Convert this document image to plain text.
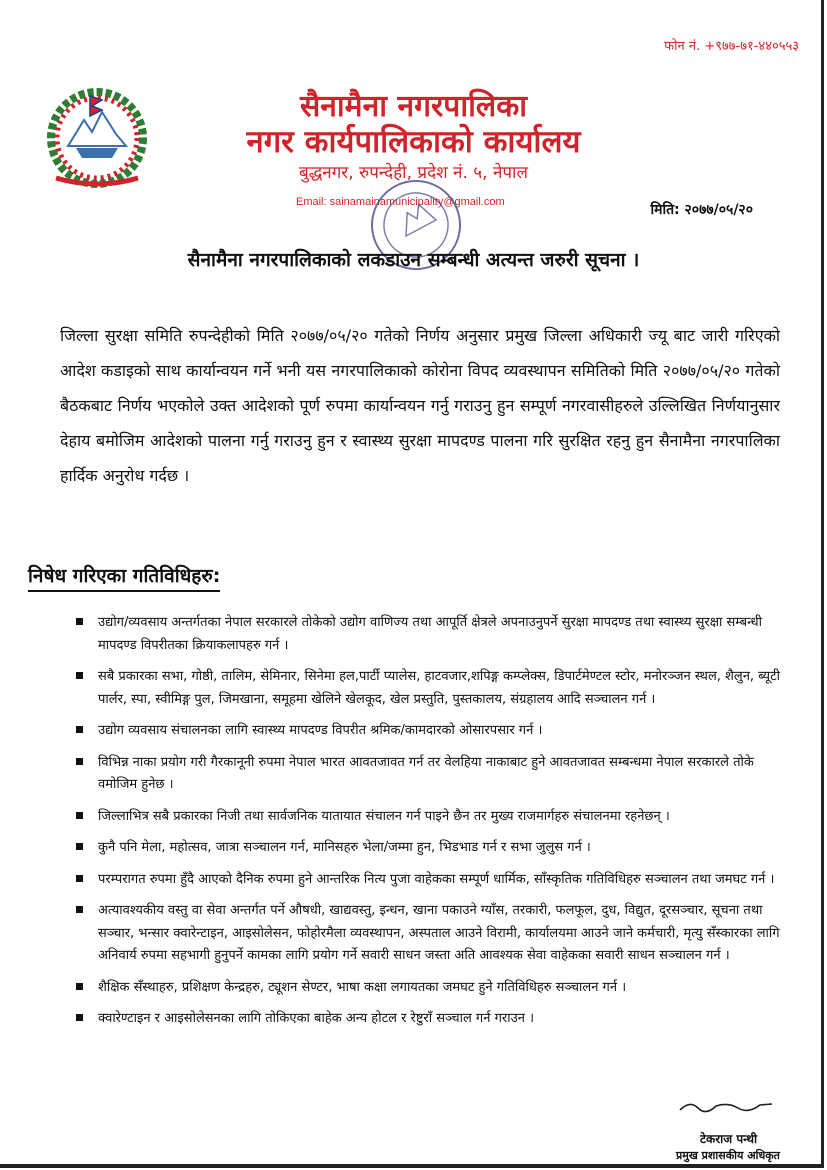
फोन नं. +९७७-७१-४४०५५३
सैनामैना नगरपालिका
नगर कार्यपालिकाको कार्यालय
बुद्धनगर, रुपन्देही, प्रदेश नं. ५, नेपाल
Email: sainamainamunicipality@gmail.com	मिति: २०७७/०५/२०
सैनामैना नगरपालिकाको लकडाउन सम्बन्धी अत्यन्त जरुरी सूचना ।
जिल्ला सुरक्षा समिति रुपन्देहीको मिति २०७७/०५/२० गतेको निर्णय अनुसार प्रमुख जिल्ला अधिकारी ज्यू बाट जारी गरिएको आदेश कडाइको साथ कार्यान्वयन गर्ने भनी यस नगरपालिकाको कोरोना विपद व्यवस्थापन समितिको मिति २०७७/०५/२० गतेको बैठकबाट निर्णय भएकोले उक्त आदेशको पूर्ण रुपमा कार्यान्वयन गर्नु गराउनु हुन सम्पूर्ण नगरवासीहरुले उल्लिखित निर्णयानुसार देहाय बमोजिम आदेशको पालना गर्नु गराउनु हुन र स्वास्थ्य सुरक्षा मापदण्ड पालना गरि सुरक्षित रहनु हुन सैनामैना नगरपालिका हार्दिक अनुरोध गर्दछ ।
निषेध गरिएका गतिविधिहरु:
उद्योग/व्यवसाय अन्तर्गतका नेपाल सरकारले तोकेको उद्योग वाणिज्य तथा आपूर्ति क्षेत्रले अपनाउनुपर्ने सुरक्षा मापदण्ड तथा स्वास्थ्य सुरक्षा सम्बन्धी मापदण्ड विपरीतका क्रियाकलापहरु गर्न ।
सबै प्रकारका सभा, गोष्ठी, तालिम, सेमिनार, सिनेमा हल,पार्टी प्यालेस, हाटवजार,शपिङ्ग कम्प्लेक्स, डिपार्टमेण्टल स्टोर, मनोरञ्जन स्थल, शैलुन, ब्यूटी पार्लर, स्पा, स्वीमिङ्ग पुल, जिमखाना, समूहमा खेलिने खेलकूद, खेल प्रस्तुति, पुस्तकालय, संग्रहालय आदि सञ्चालन गर्न ।
उद्योग व्यवसाय संचालनका लागि स्वास्थ्य मापदण्ड विपरीत श्रमिक/कामदारको ओसारपसार गर्न ।
विभिन्न नाका प्रयोग गरी गैरकानूनी रुपमा नेपाल भारत आवतजावत गर्न तर वेलहिया नाकाबाट हुने आवतजावत सम्बन्धमा नेपाल सरकारले तोके वमोजिम हुनेछ ।
जिल्लाभित्र सबै प्रकारका निजी तथा सार्वजनिक यातायात संचालन गर्न पाइने छैन तर मुख्य राजमार्गहरु संचालनमा रहनेछन् ।
कुनै पनि मेला, महोत्सव, जात्रा सञ्चालन गर्न, मानिसहरु भेला/जम्मा हुन, भिडभाड गर्न र सभा जुलुस गर्न ।
परम्परागत रुपमा हुँदै आएको दैनिक रुपमा हुने आन्तरिक नित्य पुजा वाहेकका सम्पूर्ण धार्मिक, साँस्कृतिक गतिविधिहरु सञ्चालन तथा जमघट गर्न ।
अत्यावश्यकीय वस्तु वा सेवा अन्तर्गत पर्ने औषधी, खाद्यवस्तु, इन्धन, खाना पकाउने ग्याँस, तरकारी, फलफूल, दुध, विद्युत, दूरसञ्चार, सूचना तथा सञ्चार, भन्सार क्वारेन्टाइन, आइसोलेसन, फोहोरमैला व्यवस्थापन, अस्पताल आउने विरामी, कार्यालयमा आउने जाने कर्मचारी, मृत्यु सँस्कारका लागि अनिवार्य रुपमा सहभागी हुनुपर्ने कामका लागि प्रयोग गर्ने सवारी साधन जस्ता अति आवश्यक सेवा वाहेकका सवारी साधन सञ्चालन गर्न ।
शैक्षिक सँस्थाहरु, प्रशिक्षण केन्द्रहरु, ट्यूशन सेण्टर, भाषा कक्षा लगायतका जमघट हुने गतिविधिहरु सञ्चालन गर्न ।
क्वारेण्टाइन र आइसोलेसनका लागि तोकिएका बाहेक अन्य होटल र रेष्टुराँ सञ्चाल गर्न गराउन ।
टेकराज पन्थी
प्रमुख प्रशासकीय अधिकृत
